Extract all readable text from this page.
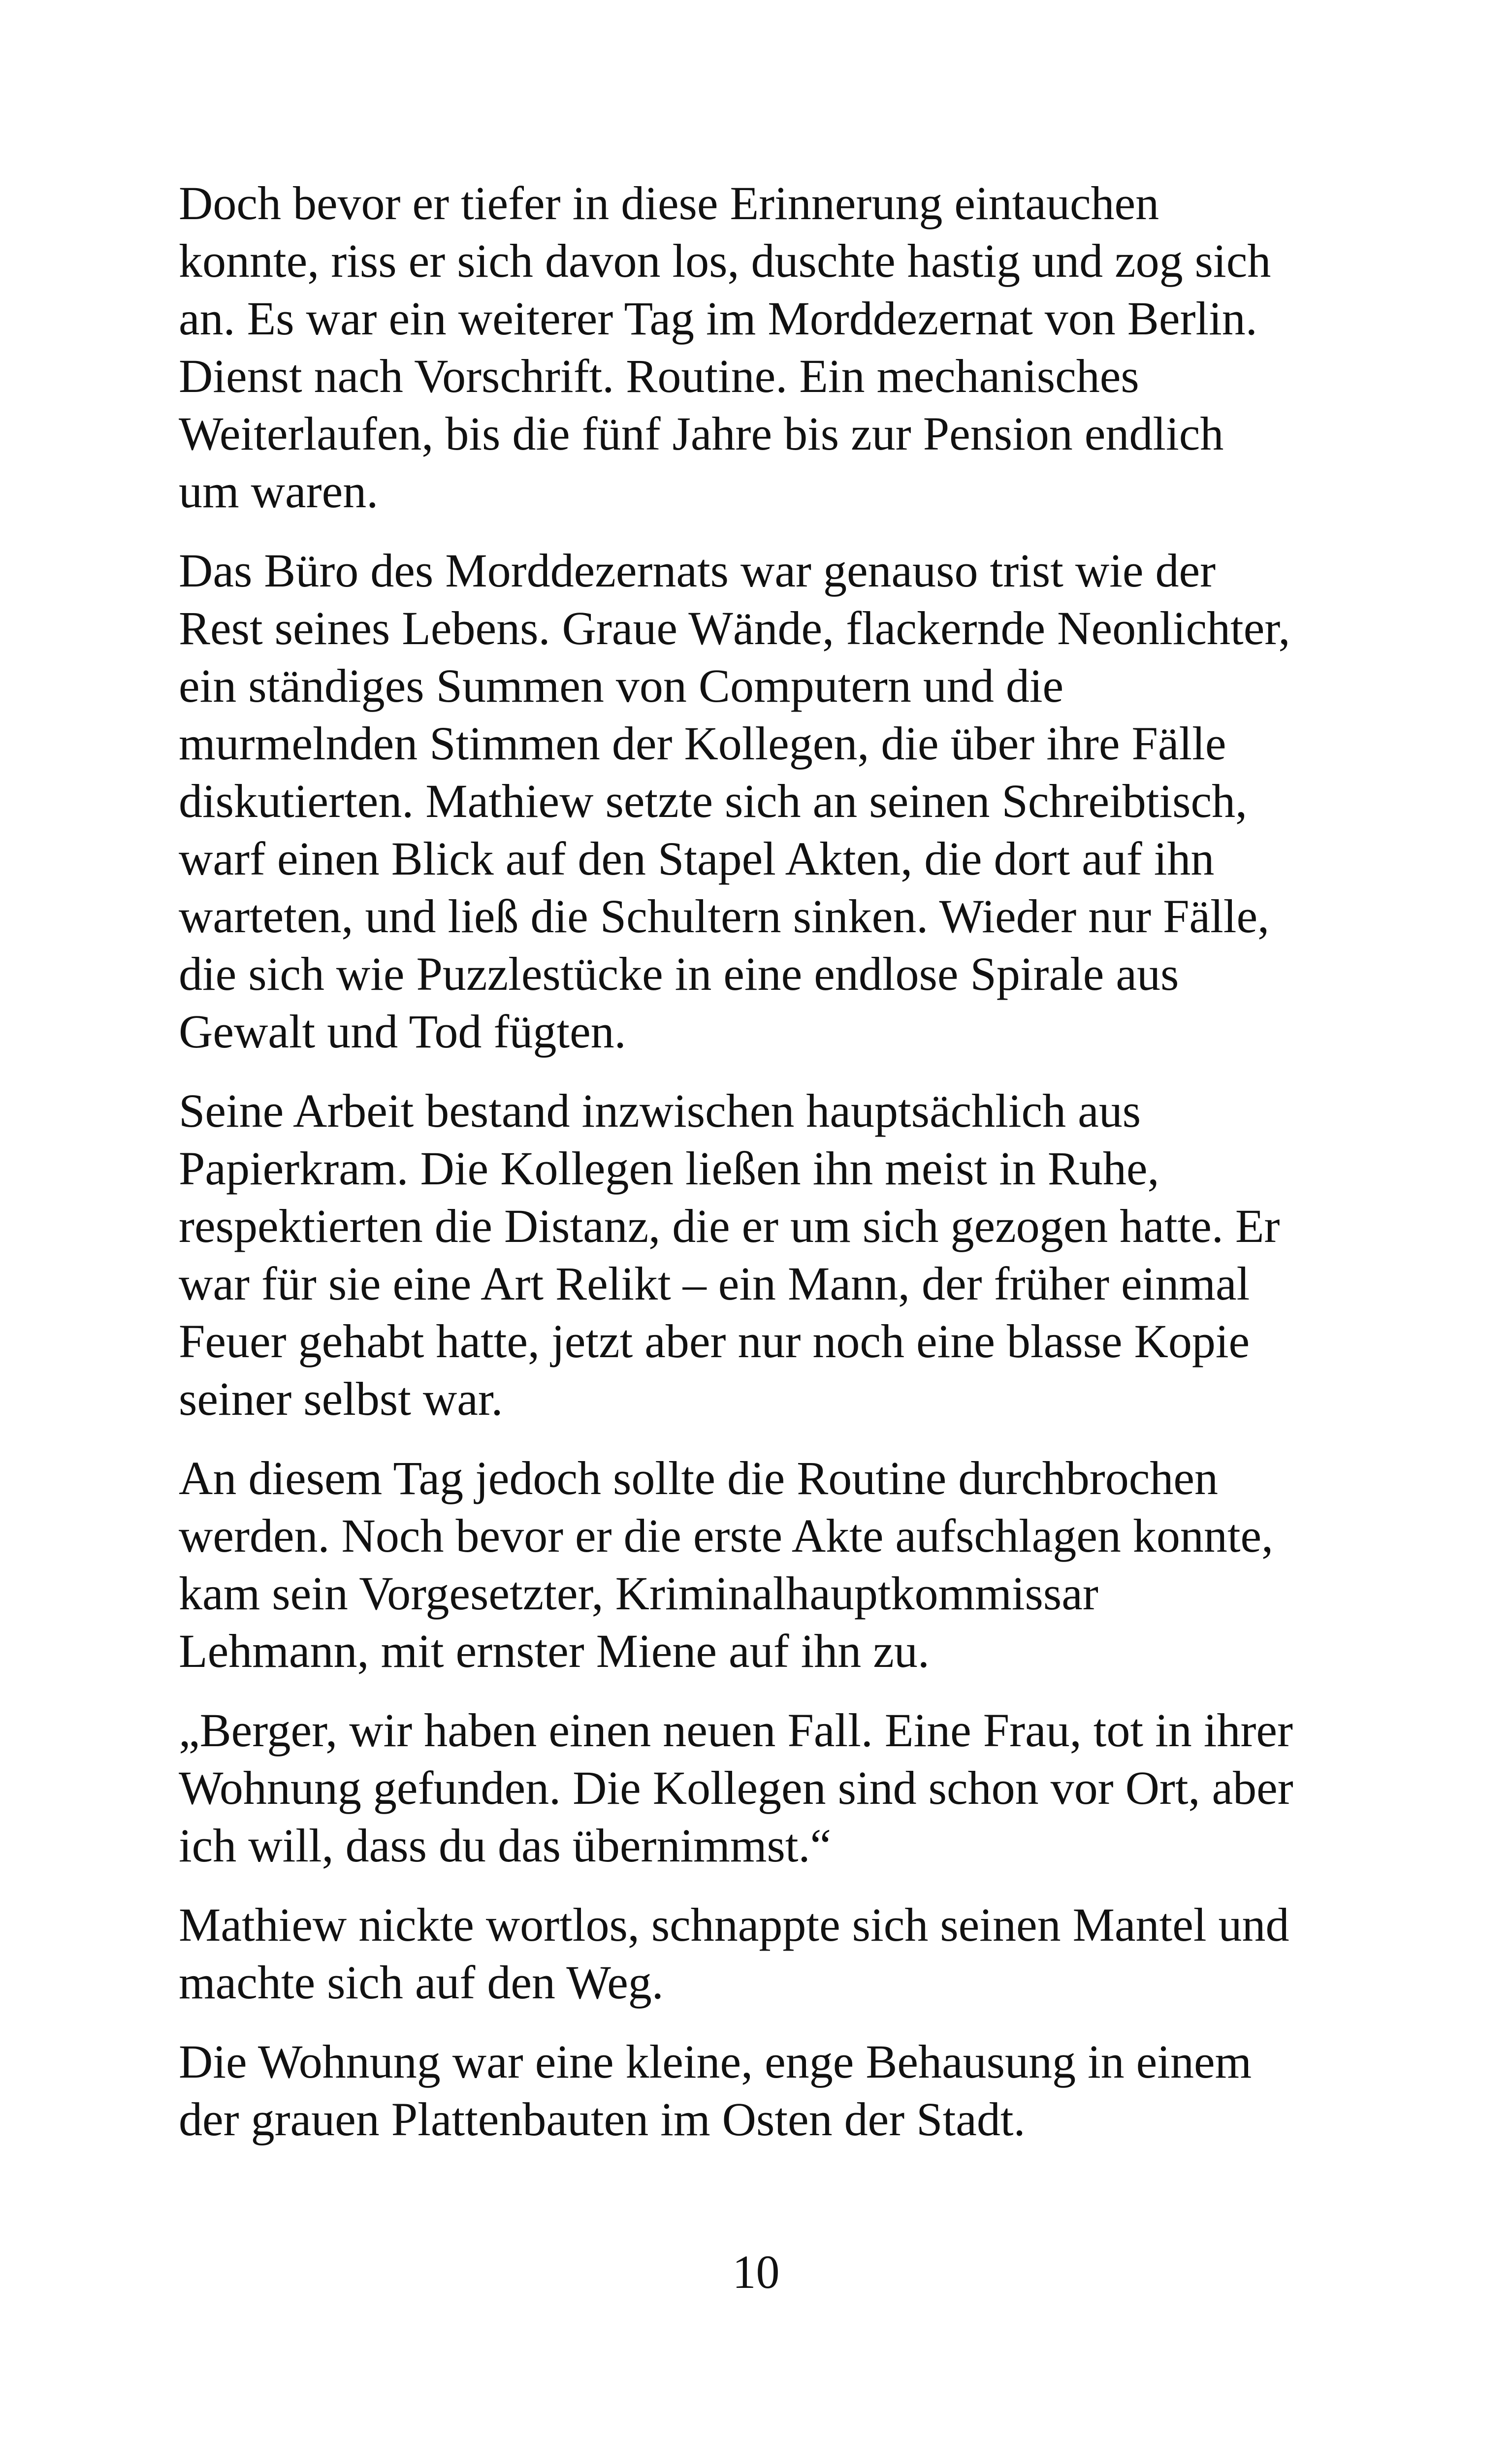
Doch bevor er tiefer in diese Erinnerung eintauchen
konnte, riss er sich davon los, duschte hastig und zog sich
an. Es war ein weiterer Tag im Morddezernat von Berlin.
Dienst nach Vorschrift. Routine. Ein mechanisches
Weiterlaufen, bis die fünf Jahre bis zur Pension endlich
um waren.

Das Büro des Morddezernats war genauso trist wie der
Rest seines Lebens. Graue Wände, flackernde Neonlichter,
ein ständiges Summen von Computern und die
murmelnden Stimmen der Kollegen, die über ihre Fälle
diskutierten. Mathiew setzte sich an seinen Schreibtisch,
warf einen Blick auf den Stapel Akten, die dort auf ihn
warteten, und ließ die Schultern sinken. Wieder nur Fälle,
die sich wie Puzzlestücke in eine endlose Spirale aus
Gewalt und Tod fügten.

Seine Arbeit bestand inzwischen hauptsächlich aus
Papierkram. Die Kollegen ließen ihn meist in Ruhe,
respektierten die Distanz, die er um sich gezogen hatte. Er
war für sie eine Art Relikt – ein Mann, der früher einmal
Feuer gehabt hatte, jetzt aber nur noch eine blasse Kopie
seiner selbst war.

An diesem Tag jedoch sollte die Routine durchbrochen
werden. Noch bevor er die erste Akte aufschlagen konnte,
kam sein Vorgesetzter, Kriminalhauptkommissar
Lehmann, mit ernster Miene auf ihn zu.

„Berger, wir haben einen neuen Fall. Eine Frau, tot in ihrer
Wohnung gefunden. Die Kollegen sind schon vor Ort, aber
ich will, dass du das übernimmst.“

Mathiew nickte wortlos, schnappte sich seinen Mantel und
machte sich auf den Weg.

Die Wohnung war eine kleine, enge Behausung in einem
der grauen Plattenbauten im Osten der Stadt.

10
